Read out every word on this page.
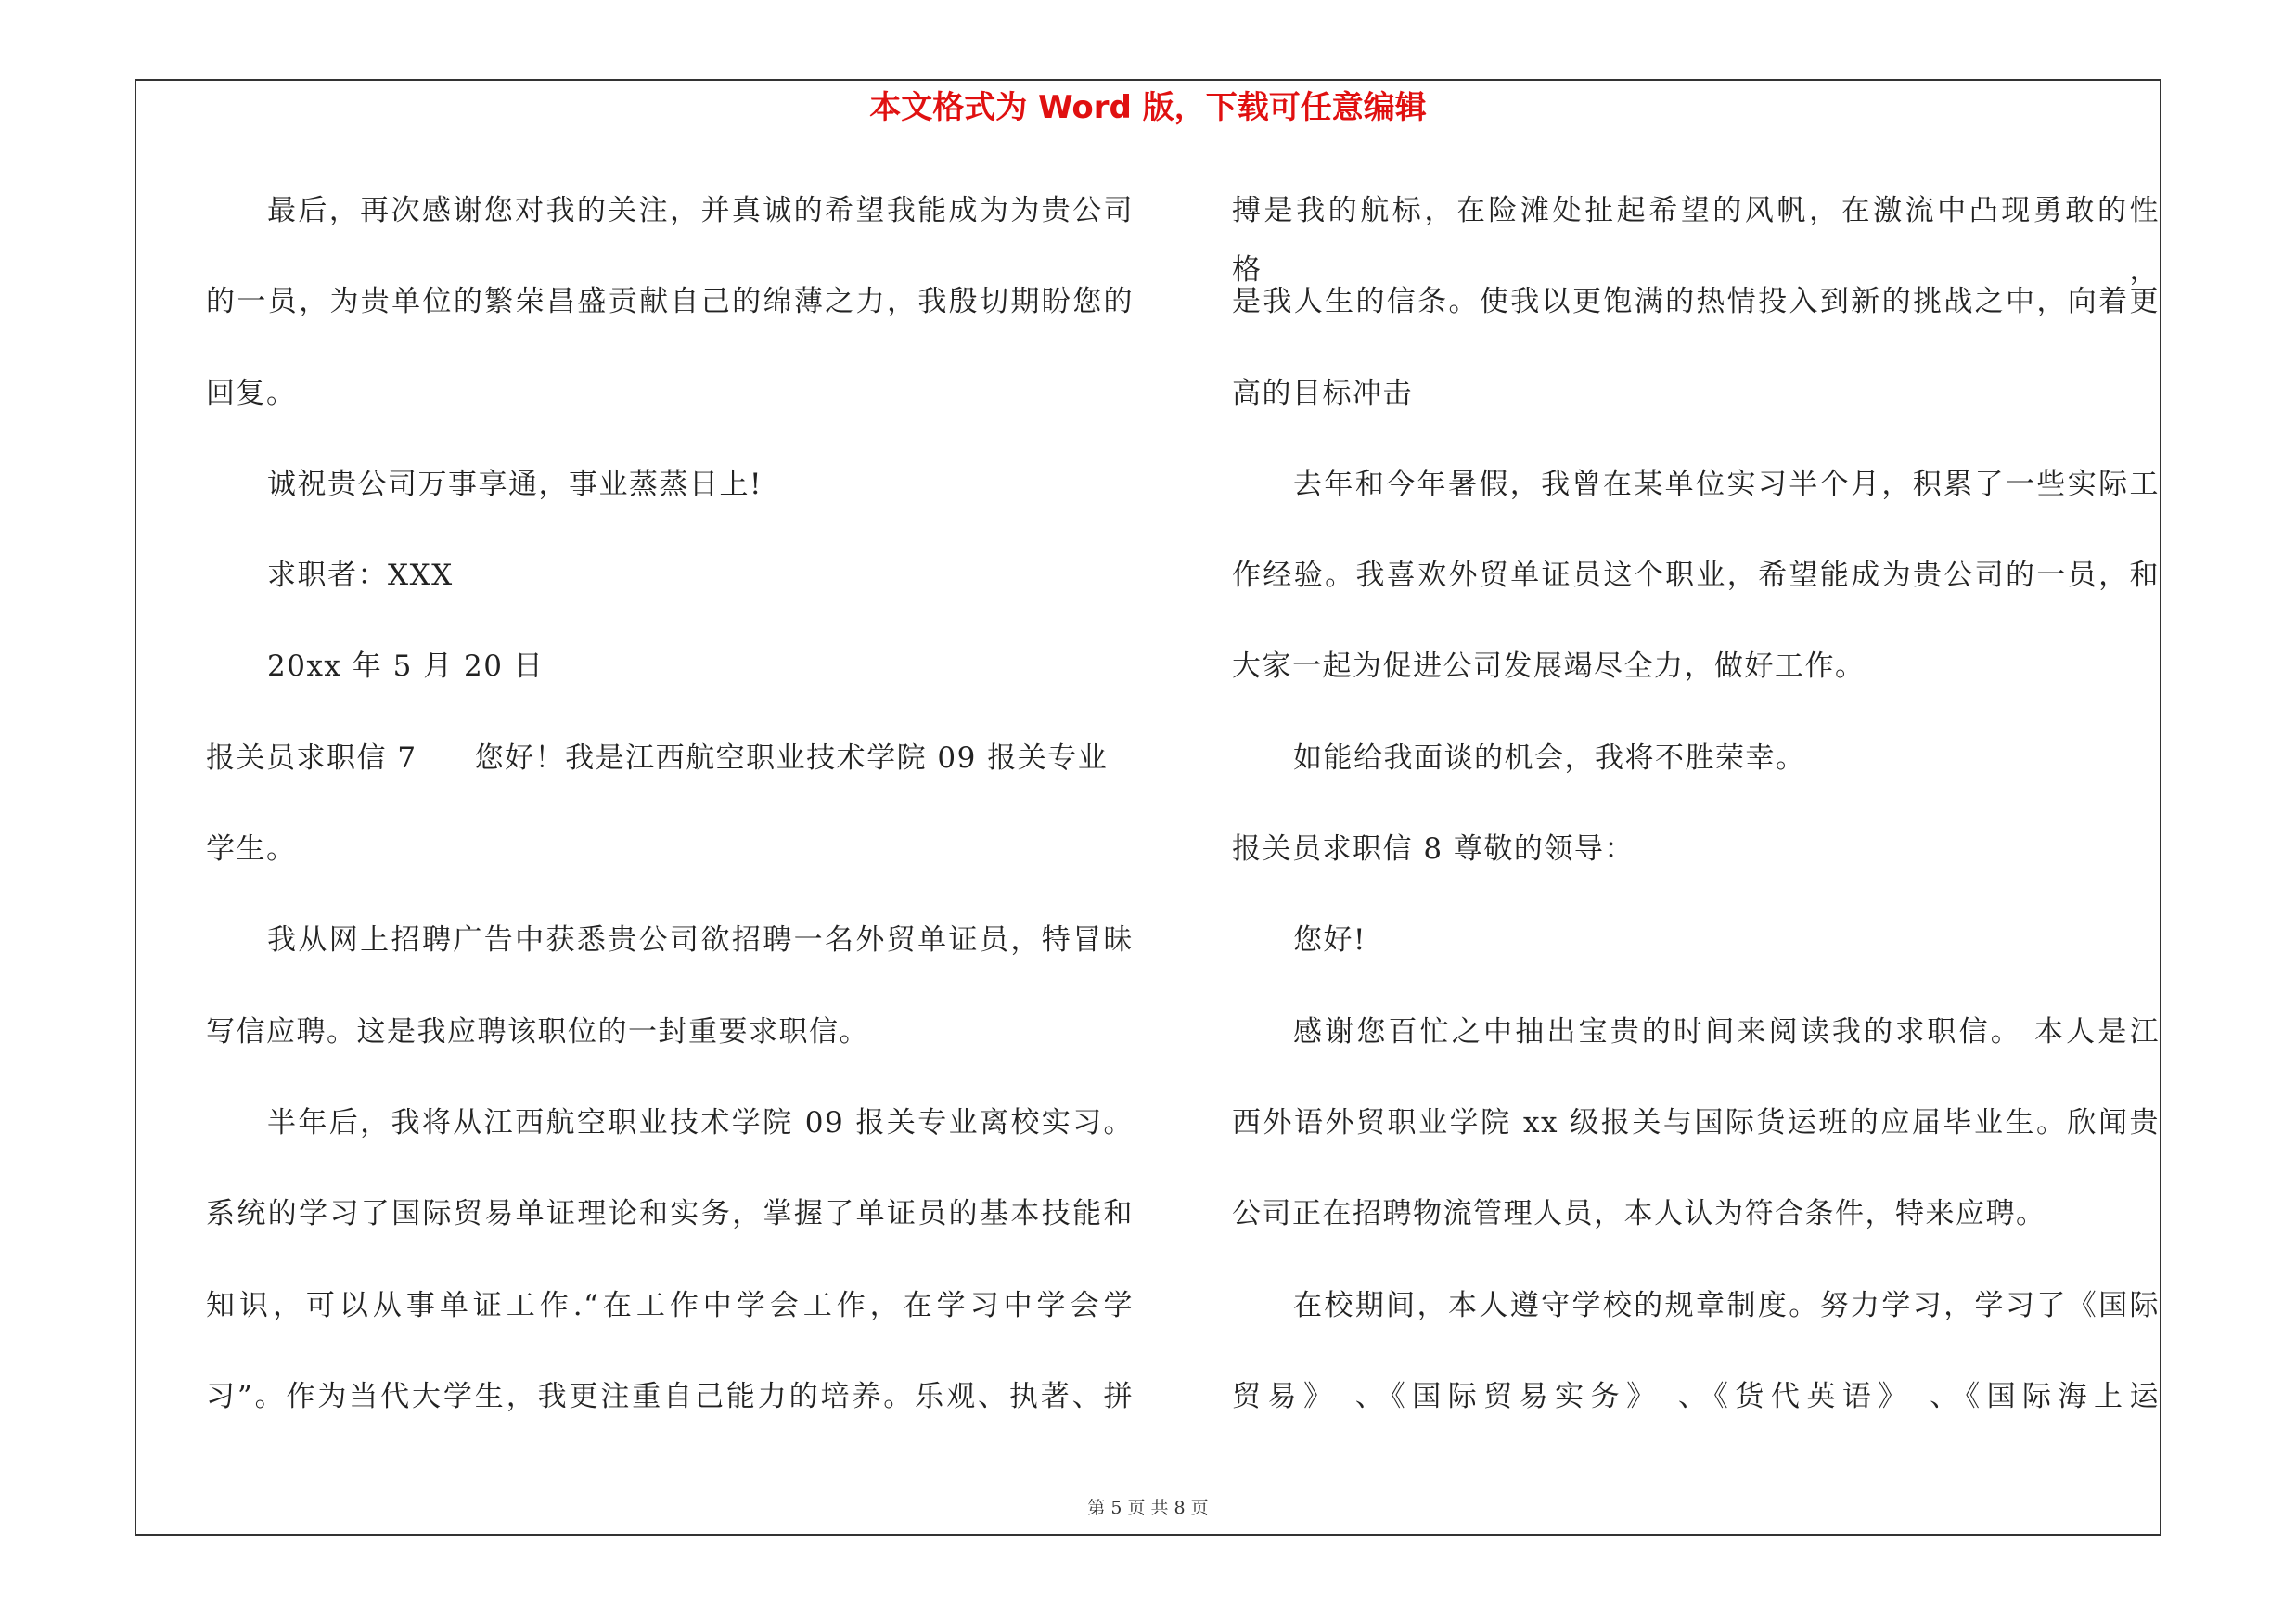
本文格式为 Word 版，下载可任意编辑
最后，再次感谢您对我的关注，并真诚的希望我能成为为贵公司
的一员，为贵单位的繁荣昌盛贡献自己的绵薄之力，我殷切期盼您的
回复。
诚祝贵公司万事享通，事业蒸蒸日上!
求职者：XXX
20xx 年 5 月 20 日
报关员求职信 7 您好！我是江西航空职业技术学院 09 报关专业
学生。
我从网上招聘广告中获悉贵公司欲招聘一名外贸单证员，特冒昧
写信应聘。这是我应聘该职位的一封重要求职信。
半年后，我将从江西航空职业技术学院 09 报关专业离校实习。
系统的学习了国际贸易单证理论和实务，掌握了单证员的基本技能和
知识，可以从事单证工作.“在工作中学会工作，在学习中学会学
习”。作为当代大学生，我更注重自己能力的培养。乐观、执著、拼
搏是我的航标，在险滩处扯起希望的风帆，在激流中凸现勇敢的性格，
是我人生的信条。使我以更饱满的热情投入到新的挑战之中，向着更
高的目标冲击
去年和今年暑假，我曾在某单位实习半个月，积累了一些实际工
作经验。我喜欢外贸单证员这个职业，希望能成为贵公司的一员，和
大家一起为促进公司发展竭尽全力，做好工作。
如能给我面谈的机会，我将不胜荣幸。
报关员求职信 8 尊敬的领导：
您好!
感谢您百忙之中抽出宝贵的时间来阅读我的求职信。 本人是江
西外语外贸职业学院 xx 级报关与国际货运班的应届毕业生。欣闻贵
公司正在招聘物流管理人员，本人认为符合条件，特来应聘。
在校期间，本人遵守学校的规章制度。努力学习，学习了《国际
贸易》 、《国际贸易实务》 、《货代英语》 、《国际海上运
第 5 页 共 8 页
